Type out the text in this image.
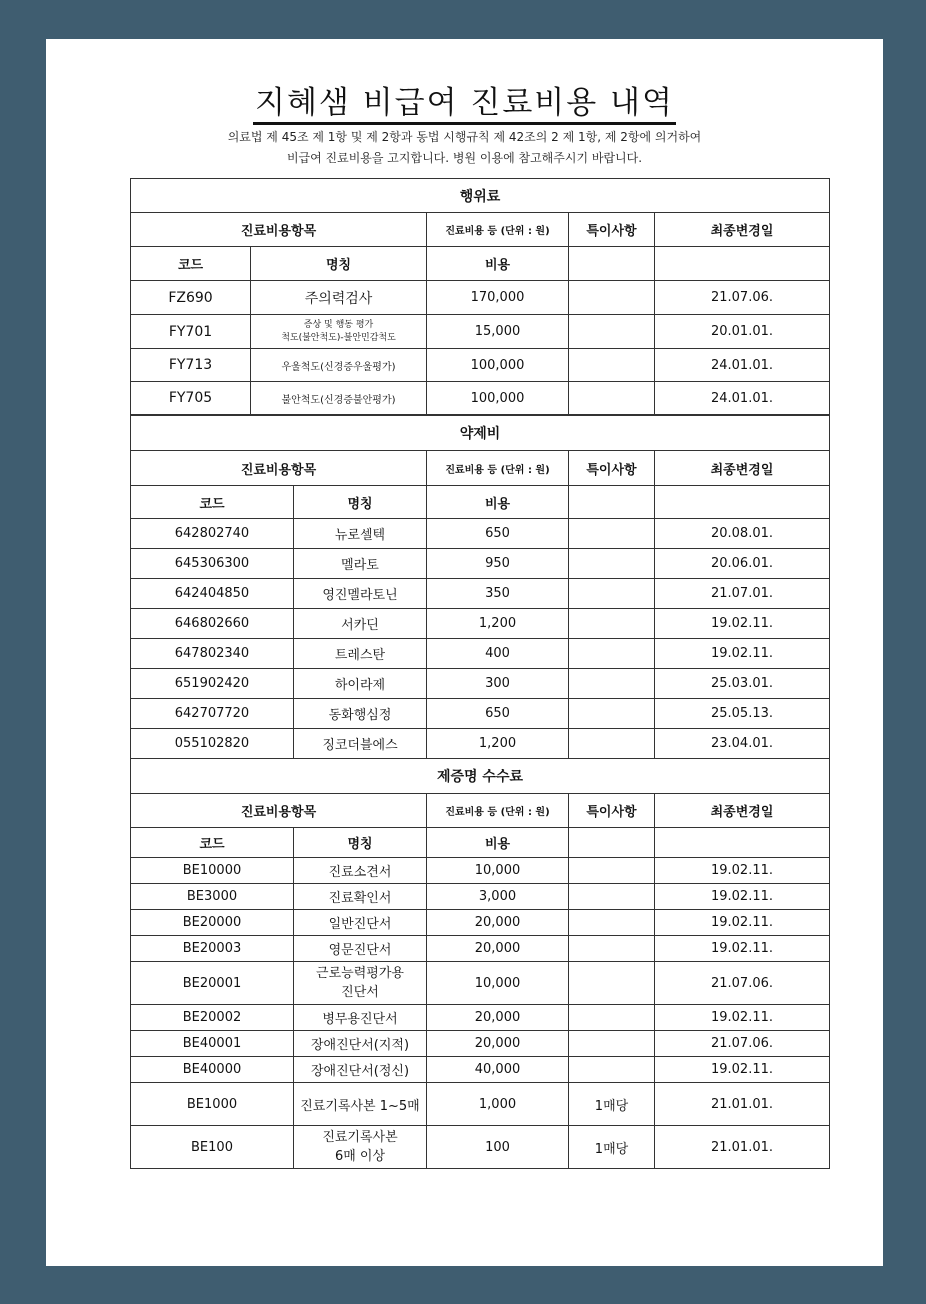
지혜샘 비급여 진료비용 내역
의료법 제 45조 제 1항 및 제 2항과 동법 시행규칙 제 42조의 2 제 1항, 제 2항에 의거하여
비급여 진료비용을 고지합니다. 병원 이용에 참고해주시기 바랍니다.
행위료				
진료비용항목		진료비용 등 (단위 : 원)	특이사항	최종변경일
코드	명칭	비용		
FZ690	주의력검사	170,000		21.07.06.
FY701	증상 및 행동 평가
척도(불안척도)-불안민감척도	15,000		20.01.01.
FY713	우울척도(신경증우울평가)	100,000		24.01.01.
FY705	불안척도(신경증불안평가)	100,000		24.01.01.
약제비				
진료비용항목		진료비용 등 (단위 : 원)	특이사항	최종변경일
코드	명칭	비용		
642802740	뉴로셀텍	650		20.08.01.
645306300	멜라토	950		20.06.01.
642404850	영진멜라토닌	350		21.07.01.
646802660	서카딘	1,200		19.02.11.
647802340	트레스탄	400		19.02.11.
651902420	하이라제	300		25.03.01.
642707720	동화행심정	650		25.05.13.
055102820	징코더블에스	1,200		23.04.01.
제증명 수수료				
진료비용항목		진료비용 등 (단위 : 원)	특이사항	최종변경일
코드	명칭	비용		
BE10000	진료소견서	10,000		19.02.11.
BE3000	진료확인서	3,000		19.02.11.
BE20000	일반진단서	20,000		19.02.11.
BE20003	영문진단서	20,000		19.02.11.
BE20001	근로능력평가용
진단서	10,000		21.07.06.
BE20002	병무용진단서	20,000		19.02.11.
BE40001	장애진단서(지적)	20,000		21.07.06.
BE40000	장애진단서(정신)	40,000		19.02.11.
BE1000	진료기록사본 1~5매	1,000	1매당	21.01.01.
BE100	진료기록사본
6매 이상	100	1매당	21.01.01.
